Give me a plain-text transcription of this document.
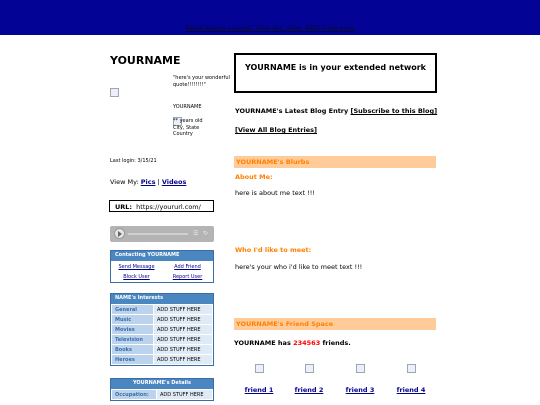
Need Insane Layout? Visit Art, Vibe, BRIT from here
YOURNAME
"here's your wonderful quote!!!!!!!!"
YOURNAME
** years old
City, State
Country
Last login: 3/15/21
View My: Pics | Videos
URL: https://yoururl.com/
☰ ↻
Contacting YOURNAME
Send Message	Add Friend
Block User	Report User
NAME's Interests
General	ADD STUFF HERE
Music	ADD STUFF HERE
Movies	ADD STUFF HERE
Television	ADD STUFF HERE
Books	ADD STUFF HERE
Heroes	ADD STUFF HERE
YOURNAME's Details
Occupation:	ADD STUFF HERE
YOURNAME is in your extended network
YOURNAME's Latest Blog Entry [Subscribe to this Blog]
[View All Blog Entries]
YOURNAME's Blurbs
About Me:
here is about me text !!!
Who I'd like to meet:
here's your who i'd like to meet text !!!
YOURNAME's Friend Space
YOURNAME has 234563 friends.
friend 1	friend 2	friend 3	friend 4
